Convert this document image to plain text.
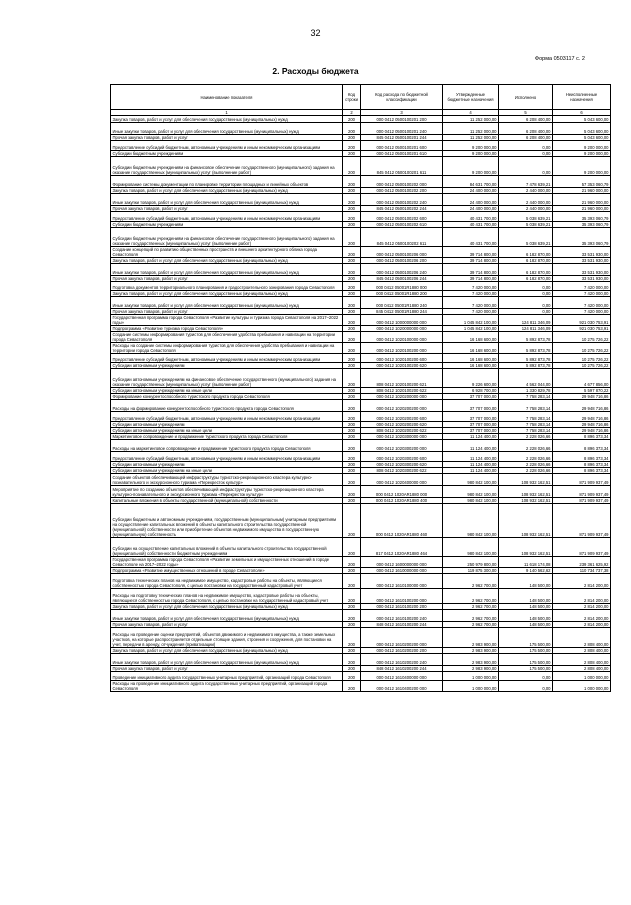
32
Форма 0503117 с. 2
2. Расходы бюджета
Наименование показателя	Код строки	Код расхода по бюджетной классификации	Утвержденные бюджетные назначения	Исполнено	Неисполненные назначения
1	2	3	4	5	6
Закупка товаров, работ и услуг для обеспечения государственных (муниципальных) нужд	200	000 0412 0500100201 200	11 252 000,00	6 208 400,00	5 043 600,00
Иные закупки товаров, работ и услуг для обеспечения государственных (муниципальных) нужд	200	000 0412 0500100201 240	11 252 000,00	6 208 400,00	5 043 600,00
Прочая закупка товаров, работ и услуг	200	845 0412 0500100201 244	11 252 000,00	6 208 400,00	5 043 600,00
Предоставление субсидий бюджетным, автономным учреждениям и иным некоммерческим организациям	200	000 0412 0500100201 600	9 200 000,00	0,00	9 200 000,00
Субсидии бюджетным учреждениям	200	000 0412 0500100201 610	9 200 000,00	0,00	9 200 000,00
Субсидии бюджетным учреждениям на финансовое обеспечение государственного (муниципального) задания на оказание государственных (муниципальных) услуг (выполнение работ)	200	845 0412 0500100201 611	9 200 000,00	0,00	9 200 000,00
Формирование системы документации по планировке территории площадных и линейных объектов	200	000 0412 0500100202 000	84 631 700,00	7 478 639,21	57 353 060,79
Закупка товаров, работ и услуг для обеспечения государственных (муниципальных) нужд	200	000 0412 0500100202 200	24 400 000,00	2 440 000,00	21 960 000,00
Иные закупки товаров, работ и услуг для обеспечения государственных (муниципальных) нужд	200	000 0412 0500100202 240	24 400 000,00	2 440 000,00	21 960 000,00
Прочая закупка товаров, работ и услуг	200	845 0412 0500100202 244	24 400 000,00	2 440 000,00	21 960 000,00
Предоставление субсидий бюджетным, автономным учреждениям и иным некоммерческим организациям	200	000 0412 0500100202 600	40 431 700,00	5 038 639,21	35 393 060,79
Субсидии бюджетным учреждениям	200	000 0412 0500100202 610	40 431 700,00	5 038 639,21	35 393 060,79
Субсидии бюджетным учреждениям на финансовое обеспечение государственного (муниципального) задания на оказание государственных (муниципальных) услуг (выполнение работ)	200	845 0412 0500100202 611	40 431 700,00	5 038 639,21	35 393 060,79
Создание концепций по развитию общественных пространств и внешнего архитектурного облика города Севастополя	200	000 0412 0500100206 000	39 714 800,00	6 182 870,00	33 531 930,00
Закупка товаров, работ и услуг для обеспечения государственных (муниципальных) нужд	200	000 0412 0500100206 200	39 714 800,00	6 182 870,00	33 531 930,00
Иные закупки товаров, работ и услуг для обеспечения государственных (муниципальных) нужд	200	000 0412 0500100206 240	39 714 800,00	6 182 870,00	33 531 930,00
Прочая закупка товаров, работ и услуг	200	845 0412 0500100206 244	39 714 800,00	6 182 870,00	33 531 930,00
Подготовка документов территориального планирования и градостроительного зонирования города Севастополя	200	000 0412 05001R1880 000	7 420 000,00	0,00	7 420 000,00
Закупка товаров, работ и услуг для обеспечения государственных (муниципальных) нужд	200	000 0412 05001R1880 200	7 420 000,00	0,00	7 420 000,00
Иные закупки товаров, работ и услуг для обеспечения государственных (муниципальных) нужд	200	000 0412 05001R1880 240	7 420 000,00	0,00	7 420 000,00
Прочая закупка товаров, работ и услуг	200	845 0412 05001R1880 244	7 420 000,00	0,00	7 420 000,00
Государственная программа города Севастополя «Развитие культуры и туризма города Севастополя на 2017–2022 годы»	200	000 0412 1000000000 000	1 045 842 100,00	124 811 346,09	921 030 753,91
Подпрограмма «Развитие туризма города Севастополя»	200	000 0412 1020000000 000	1 045 842 100,00	124 811 346,09	921 030 753,91
Создание системы информирования туристов для обеспечения удобства пребывания и навигации на территории города Севастополя	200	000 0412 1020100000 000	16 168 600,00	5 892 873,78	10 275 726,22
Расходы на создание системы информирования туристов для обеспечения удобства пребывания и навигации на территории города Севастополя	200	000 0412 1020100200 000	16 168 600,00	5 892 873,78	10 275 726,22
Предоставление субсидий бюджетным, автономным учреждениям и иным некоммерческим организациям	200	000 0412 1020100200 600	16 168 600,00	5 892 873,78	10 275 726,22
Субсидии автономным учреждениям	200	000 0412 1020100200 620	16 168 600,00	5 892 873,78	10 275 726,22
Субсидии автономным учреждениям на финансовое обеспечение государственного (муниципального) задания на оказание государственных (муниципальных) услуг (выполнение работ)	200	808 0412 1020100200 621	9 226 600,00	4 562 044,00	4 677 856,00
Субсидии автономным учреждениям на иные цели	200	808 0412 1020100200 622	6 928 700,00	1 330 829,78	5 597 870,22
Формирование конкурентоспособного туристского продукта города Севастополя	200	000 0412 1020200000 000	37 707 000,00	7 758 283,14	29 948 716,86
Расходы на формирование конкурентоспособного туристского продукта города Севастополя	200	000 0412 1020200200 000	37 707 000,00	7 758 283,14	29 948 716,86
Предоставление субсидий бюджетным, автономным учреждениям и иным некоммерческим организациям	200	000 0412 1020200200 600	37 707 000,00	7 758 283,14	29 948 716,86
Субсидии автономным учреждениям	200	000 0412 1020200200 620	37 707 000,00	7 758 283,14	29 948 716,86
Субсидии автономным учреждениям на иные цели	200	808 0412 1020200200 622	37 707 000,00	7 758 283,14	29 948 716,86
Маркетинговое сопровождение и продвижение туристского продукта города Севастополя	200	000 0412 1020300000 000	11 124 400,00	2 228 026,66	8 896 373,34
Расходы на маркетинговое сопровождение и продвижение туристского продукта города Севастополя	200	000 0412 1020300200 000	11 124 400,00	2 228 026,66	8 896 373,34
Предоставление субсидий бюджетным, автономным учреждениям и иным некоммерческим организациям	200	000 0412 1020300200 600	11 124 400,00	2 228 026,66	8 896 373,34
Субсидии автономным учреждениям	200	000 0412 1020300200 620	11 124 400,00	2 228 026,66	8 896 373,34
Субсидии автономным учреждениям на иные цели	200	808 0412 1020300200 622	11 124 400,00	2 228 026,66	8 896 373,34
Создание объектов обеспечивающей инфраструктуры туристско-рекреационного кластера культурно-познавательного и экскурсионного туризма «Перекресток культур»	200	000 0412 1020400000 000	980 842 100,00	108 932 162,51	871 909 937,49
Мероприятие по созданию объектов обеспечивающей инфраструктуры туристско-рекреационного кластера культурно-познавательного и экскурсионного туризма «Перекресток культур»	200	000 0412 1020АR1880 000	980 842 100,00	108 932 162,51	871 909 937,49
Капитальные вложения в объекты государственной (муниципальной) собственности	200	000 0412 1020АR1880 400	980 842 100,00	108 932 162,51	871 909 937,49
Субсидии бюджетным и автономным учреждениям, государственным (муниципальным) унитарным предприятиям на осуществление капитальных вложений в объекты капитального строительства государственной (муниципальной) собственности или приобретение объектов недвижимого имущества в государственную (муниципальную) собственность	200	000 0412 1020АR1880 460	980 842 100,00	108 932 162,51	871 909 937,49
Субсидии на осуществление капитальных вложений в объекты капитального строительства государственной (муниципальной) собственности бюджетным учреждениям	200	817 0412 1020АR1880 464	980 842 100,00	108 932 162,51	871 909 937,49
Государственная программа города Севастополя «Развитие земельных и имущественных отношений в городе Севастополе на 2017–2022 годы»	200	000 0412 1600000000 000	250 979 800,00	11 618 174,08	239 361 625,92
Подпрограмма «Развитие имущественных отношений в городе Севастополе»	200	000 0412 1610000000 000	119 875 300,00	9 140 562,62	110 734 737,38
Подготовка технических планов на недвижимое имущество, кадастровые работы на объекты, являющиеся собственностью города Севастополя, с целью постановки на государственный кадастровый учет	200	000 0412 1610100000 000	2 962 700,00	148 500,00	2 814 200,00
Расходы на подготовку технических планов на недвижимое имущество, кадастровые работы на объекты, являющиеся собственностью города Севастополя, с целью постановки на государственный кадастровый учет	200	000 0412 1610100200 000	2 962 700,00	148 500,00	2 814 200,00
Закупка товаров, работ и услуг для обеспечения государственных (муниципальных) нужд	200	000 0412 1610100200 200	2 962 700,00	148 500,00	2 814 200,00
Иные закупки товаров, работ и услуг для обеспечения государственных (муниципальных) нужд	200	000 0412 1610100200 240	2 962 700,00	148 500,00	2 814 200,00
Прочая закупка товаров, работ и услуг	200	848 0412 1610100200 244	2 962 700,00	148 500,00	2 814 200,00
Расходы на проведение оценки предприятий, объектов движимого и недвижимого имущества, а также земельных участков, на которые распространяется отдельные стоящие здания, строения и сооружения, для постановки на учет, передачи в аренду, отчуждения (приватизации)	200	000 0412 1610200200 000	2 983 900,00	175 500,00	2 808 400,00
Закупка товаров, работ и услуг для обеспечения государственных (муниципальных) нужд	200	000 0412 1610200200 200	2 983 900,00	175 500,00	2 808 400,00
Иные закупки товаров, работ и услуг для обеспечения государственных (муниципальных) нужд	200	000 0412 1610200200 240	2 983 900,00	175 500,00	2 808 400,00
Прочая закупка товаров, работ и услуг	200	848 0412 1610200200 244	2 983 900,00	175 500,00	2 808 400,00
Проведение инициативного аудита государственных унитарных предприятий, организаций города Севастополя	200	000 0412 1610400000 000	1 000 000,00	0,00	1 000 000,00
Расходы на проведение инициативного аудита государственных унитарных предприятий, организаций города Севастополя	200	000 0412 1610400200 000	1 000 000,00	0,00	1 000 000,00
